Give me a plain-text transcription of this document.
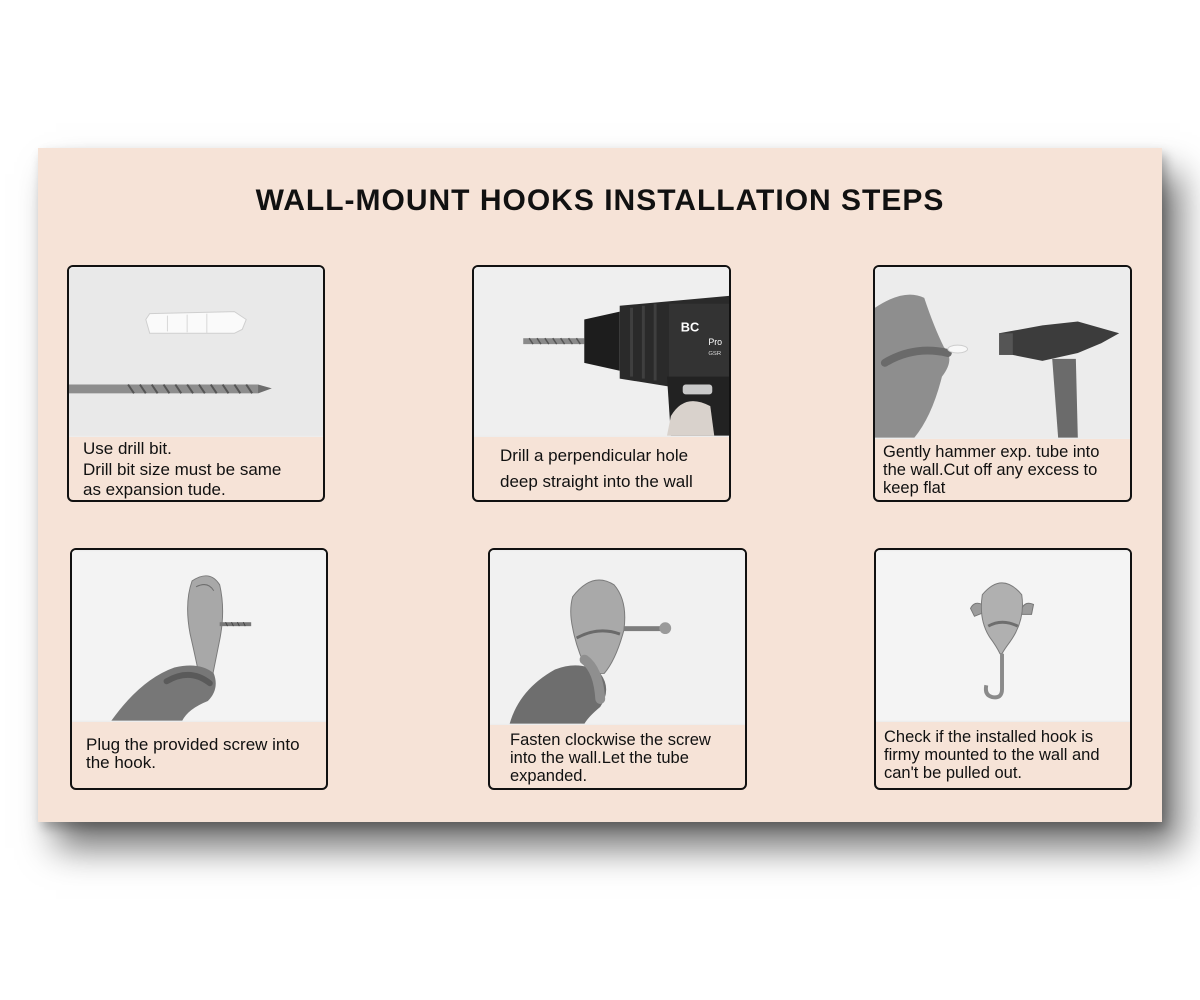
WALL-MOUNT HOOKS INSTALLATION STEPS
Use drill bit.
Drill bit size must be same
as expansion tude.
BC
Pro
GSR
Drill a perpendicular hole
deep straight into the wall
Gently hammer exp. tube into
the wall.Cut off any excess to
keep flat
Plug the provided screw into
the hook.
Fasten clockwise the screw
into the wall.Let the tube
expanded.
Check if the installed hook is
firmy mounted to the wall and
can't be pulled out.
